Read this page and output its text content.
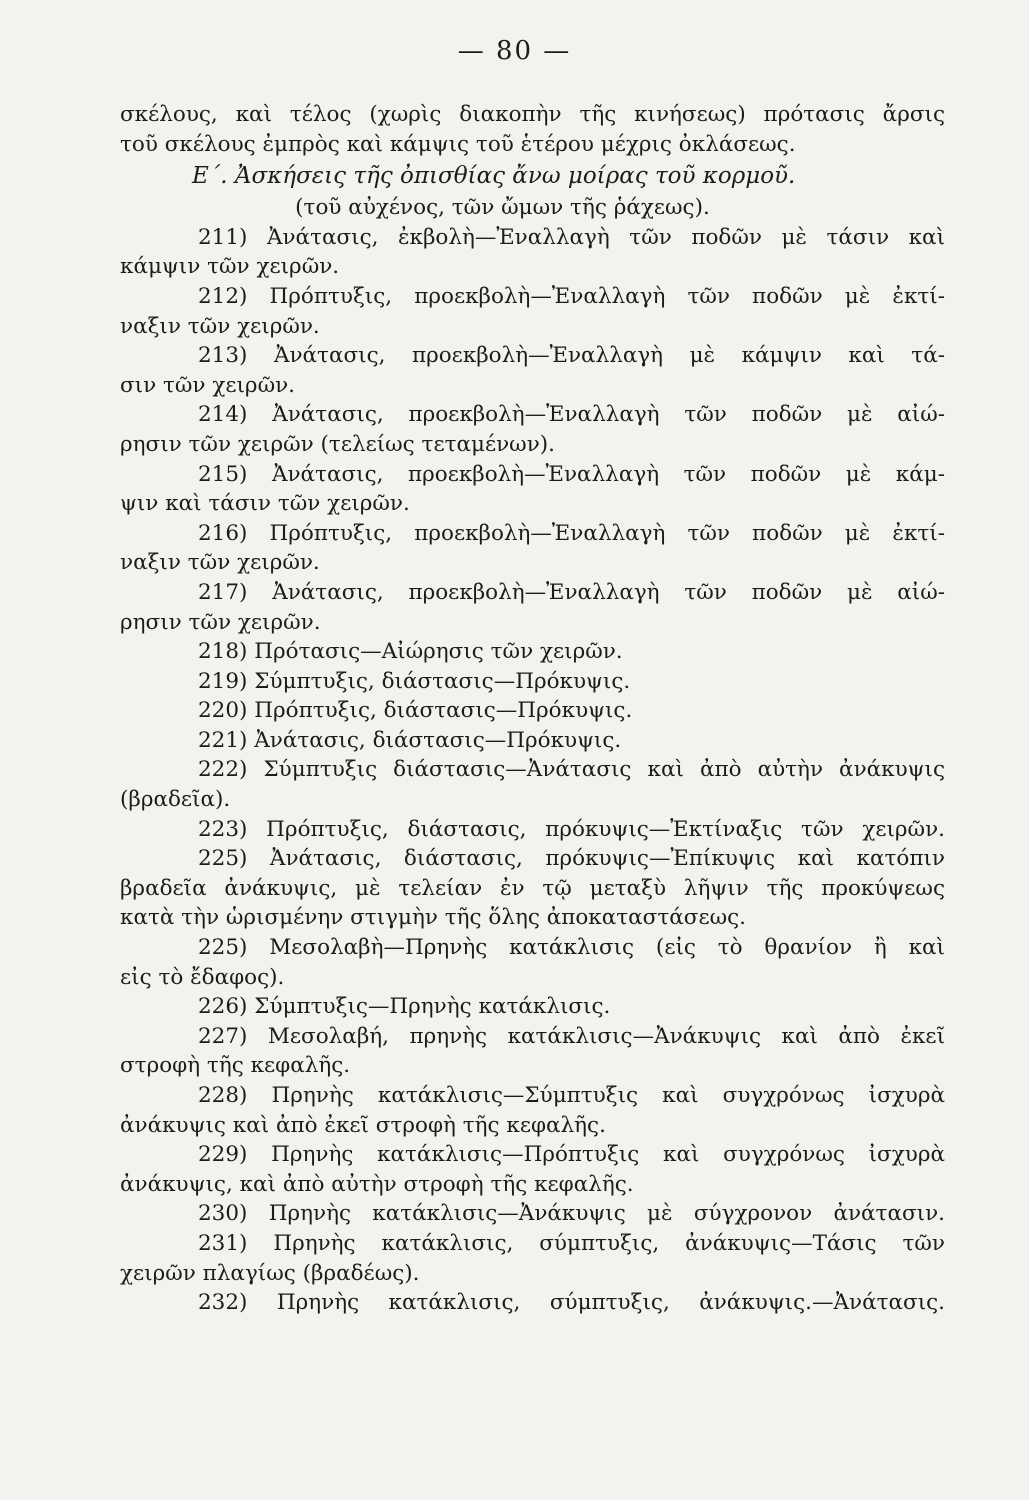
— 80 —
σκέλους, καὶ τέλος (χωρὶς διακοπὴν τῆς κινήσεως) πρότασις ἄρσις
τοῦ σκέλους ἐμπρὸς καὶ κάμψις τοῦ ἑτέρου μέχρις ὀκλάσεως.
Ε΄. Ἀσκήσεις τῆς ὀπισθίας ἄνω μοίρας τοῦ κορμοῦ.
(τοῦ αὐχένος, τῶν ὤμων τῆς ῥάχεως).
211) Ἀνάτασις, ἐκβολὴ—Ἐναλλαγὴ τῶν ποδῶν μὲ τάσιν καὶ
κάμψιν τῶν χειρῶν.
212) Πρόπτυξις, προεκβολὴ—Ἐναλλαγὴ τῶν ποδῶν μὲ ἐκτί-
ναξιν τῶν χειρῶν.
213) Ἀνάτασις, προεκβολὴ—Ἐναλλαγὴ μὲ κάμψιν καὶ τά-
σιν τῶν χειρῶν.
214) Ἀνάτασις, προεκβολὴ—Ἐναλλαγὴ τῶν ποδῶν μὲ αἰώ-
ρησιν τῶν χειρῶν (τελείως τεταμένων).
215) Ἀνάτασις, προεκβολὴ—Ἐναλλαγὴ τῶν ποδῶν μὲ κάμ-
ψιν καὶ τάσιν τῶν χειρῶν.
216) Πρόπτυξις, προεκβολὴ—Ἐναλλαγὴ τῶν ποδῶν μὲ ἐκτί-
ναξιν τῶν χειρῶν.
217) Ἀνάτασις, προεκβολὴ—Ἐναλλαγὴ τῶν ποδῶν μὲ αἰώ-
ρησιν τῶν χειρῶν.
218) Πρότασις—Αἰώρησις τῶν χειρῶν.
219) Σύμπτυξις, διάστασις—Πρόκυψις.
220) Πρόπτυξις, διάστασις—Πρόκυψις.
221) Ἀνάτασις, διάστασις—Πρόκυψις.
222) Σύμπτυξις διάστασις—Ἀνάτασις καὶ ἀπὸ αὐτὴν ἀνάκυψις
(βραδεῖα).
223) Πρόπτυξις, διάστασις, πρόκυψις—Ἐκτίναξις τῶν χειρῶν.
225) Ἀνάτασις, διάστασις, πρόκυψις—Ἐπίκυψις καὶ κατόπιν
βραδεῖα ἀνάκυψις, μὲ τελείαν ἐν τῷ μεταξὺ λῆψιν τῆς προκύψεως
κατὰ τὴν ὡρισμένην στιγμὴν τῆς ὅλης ἀποκαταστάσεως.
225) Μεσολαβὴ—Πρηνὴς κατάκλισις (εἰς τὸ θρανίον ἢ καὶ
εἰς τὸ ἔδαφος).
226) Σύμπτυξις—Πρηνὴς κατάκλισις.
227) Μεσολαβή, πρηνὴς κατάκλισις—Ἀνάκυψις καὶ ἀπὸ ἐκεῖ
στροφὴ τῆς κεφαλῆς.
228) Πρηνὴς κατάκλισις—Σύμπτυξις καὶ συγχρόνως ἰσχυρὰ
ἀνάκυψις καὶ ἀπὸ ἐκεῖ στροφὴ τῆς κεφαλῆς.
229) Πρηνὴς κατάκλισις—Πρόπτυξις καὶ συγχρόνως ἰσχυρὰ
ἀνάκυψις, καὶ ἀπὸ αὐτὴν στροφὴ τῆς κεφαλῆς.
230) Πρηνὴς κατάκλισις—Ἀνάκυψις μὲ σύγχρονον ἀνάτασιν.
231) Πρηνὴς κατάκλισις, σύμπτυξις, ἀνάκυψις—Τάσις τῶν
χειρῶν πλαγίως (βραδέως).
232) Πρηνὴς κατάκλισις, σύμπτυξις, ἀνάκυψις.—Ἀνάτασις.
